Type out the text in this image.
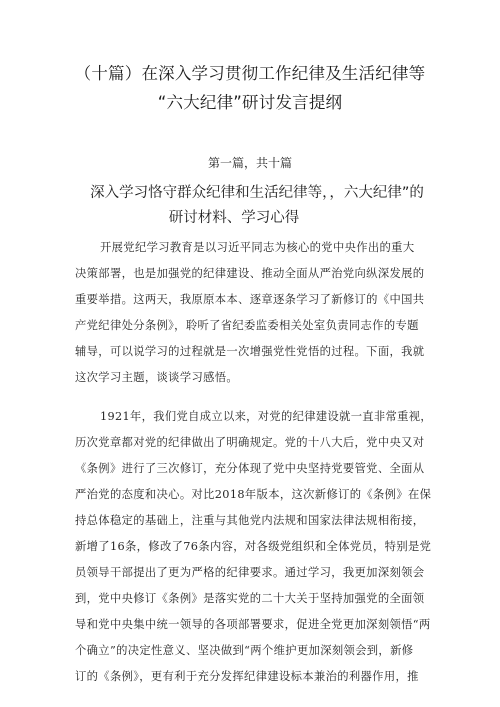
（十篇）在深入学习贯彻工作纪律及生活纪律等
“六大纪律”研讨发言提纲
第一篇，共十篇
深入学习恪守群众纪律和生活纪律等，，六大纪律”的
研讨材料、学习心得
开展党纪学习教育是以习近平同志为核心的党中央作出的重大
决策部署，也是加强党的纪律建设、推动全面从严治党向纵深发展的
重要举措。这两天，我原原本本、逐章逐条学习了新修订的《中国共
产党纪律处分条例》，聆听了省纪委监委相关处室负责同志作的专题
辅导，可以说学习的过程就是一次增强党性党悟的过程。下面，我就
这次学习主题，谈谈学习感悟。
1921年，我们党自成立以来，对党的纪律建设就一直非常重视，
历次党章都对党的纪律做出了明确规定。党的十八大后，党中央又对
《条例》进行了三次修订，充分体现了党中央坚持党要管党、全面从
严治党的态度和决心。对比2018年版本，这次新修订的《条例》在保
持总体稳定的基础上，注重与其他党内法规和国家法律法规相衔接，
新增了16条，修改了76条内容，对各级党组织和全体党员，特别是党
员领导干部提出了更为严格的纪律要求。通过学习，我更加深刻领会
到，党中央修订《条例》是落实党的二十大关于坚持加强党的全面领
导和党中央集中统一领导的各项部署要求，促进全党更加深刻领悟“两
个确立”的决定性意义、坚决做到“两个维护更加深刻领会到，新修
订的《条例》，更有利于充分发挥纪律建设标本兼治的利器作用，推
